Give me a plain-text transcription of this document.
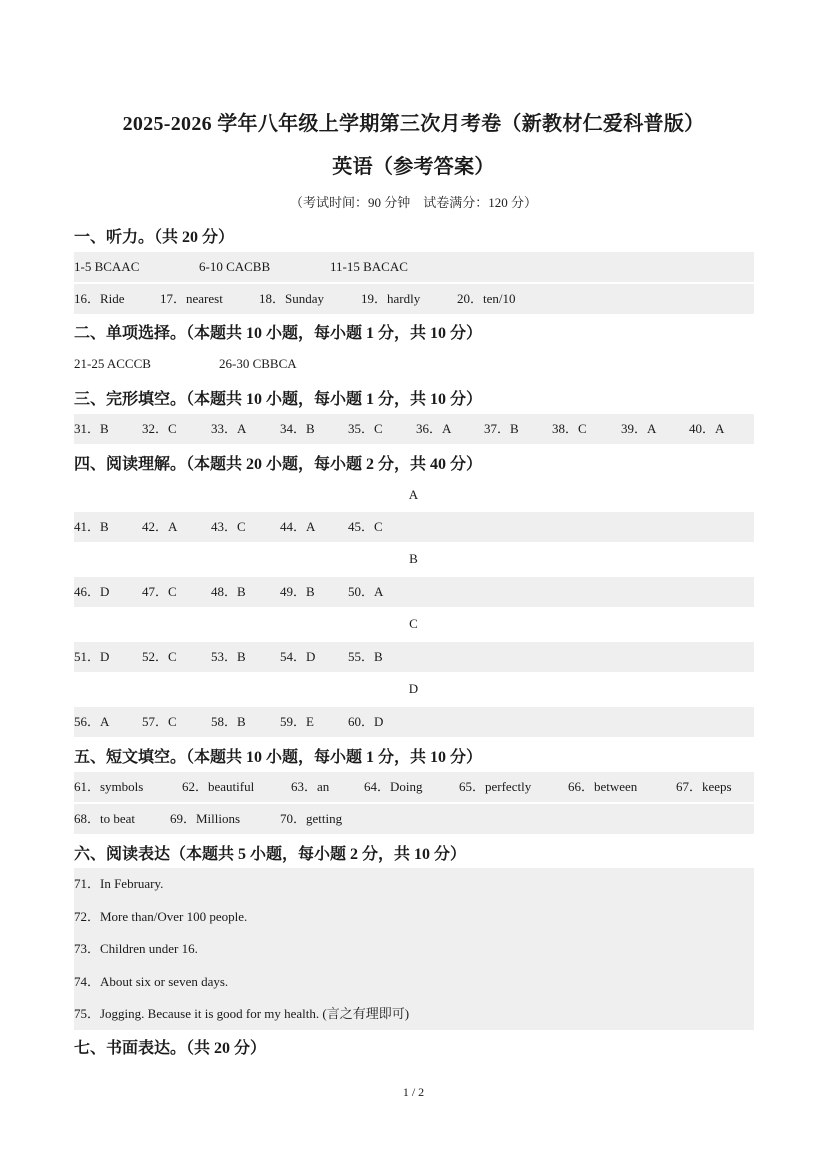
2025-2026 学年八年级上学期第三次月考卷（新教材仁爱科普版）
英语（参考答案）
（考试时间：90 分钟　试卷满分：120 分）
一、听力。（共 20 分）
1-5 BCAAC	6-10 CACBB	11-15 BACAC
16．Ride	17．nearest	18．Sunday	19．hardly	20．ten/10
二、单项选择。（本题共 10 小题，每小题 1 分，共 10 分）
21-25 ACCCB	26-30 CBBCA
三、完形填空。（本题共 10 小题，每小题 1 分，共 10 分）
31．B	32．C	33．A	34．B	35．C	36．A	37．B	38．C	39．A	40．A
四、阅读理解。（本题共 20 小题，每小题 2 分，共 40 分）
A
41．B	42．A	43．C	44．A	45．C
B
46．D	47．C	48．B	49．B	50．A
C
51．D	52．C	53．B	54．D	55．B
D
56．A	57．C	58．B	59．E	60．D
五、短文填空。（本题共 10 小题，每小题 1 分，共 10 分）
61．symbols	62．beautiful	63．an	64．Doing	65．perfectly	66．between	67．keeps
68．to beat	69．Millions	70．getting
六、阅读表达（本题共 5 小题，每小题 2 分，共 10 分）
71．In February.
72．More than/Over 100 people.
73．Children under 16.
74．About six or seven days.
75．Jogging. Because it is good for my health. (言之有理即可)
七、书面表达。（共 20 分）
1 / 2
